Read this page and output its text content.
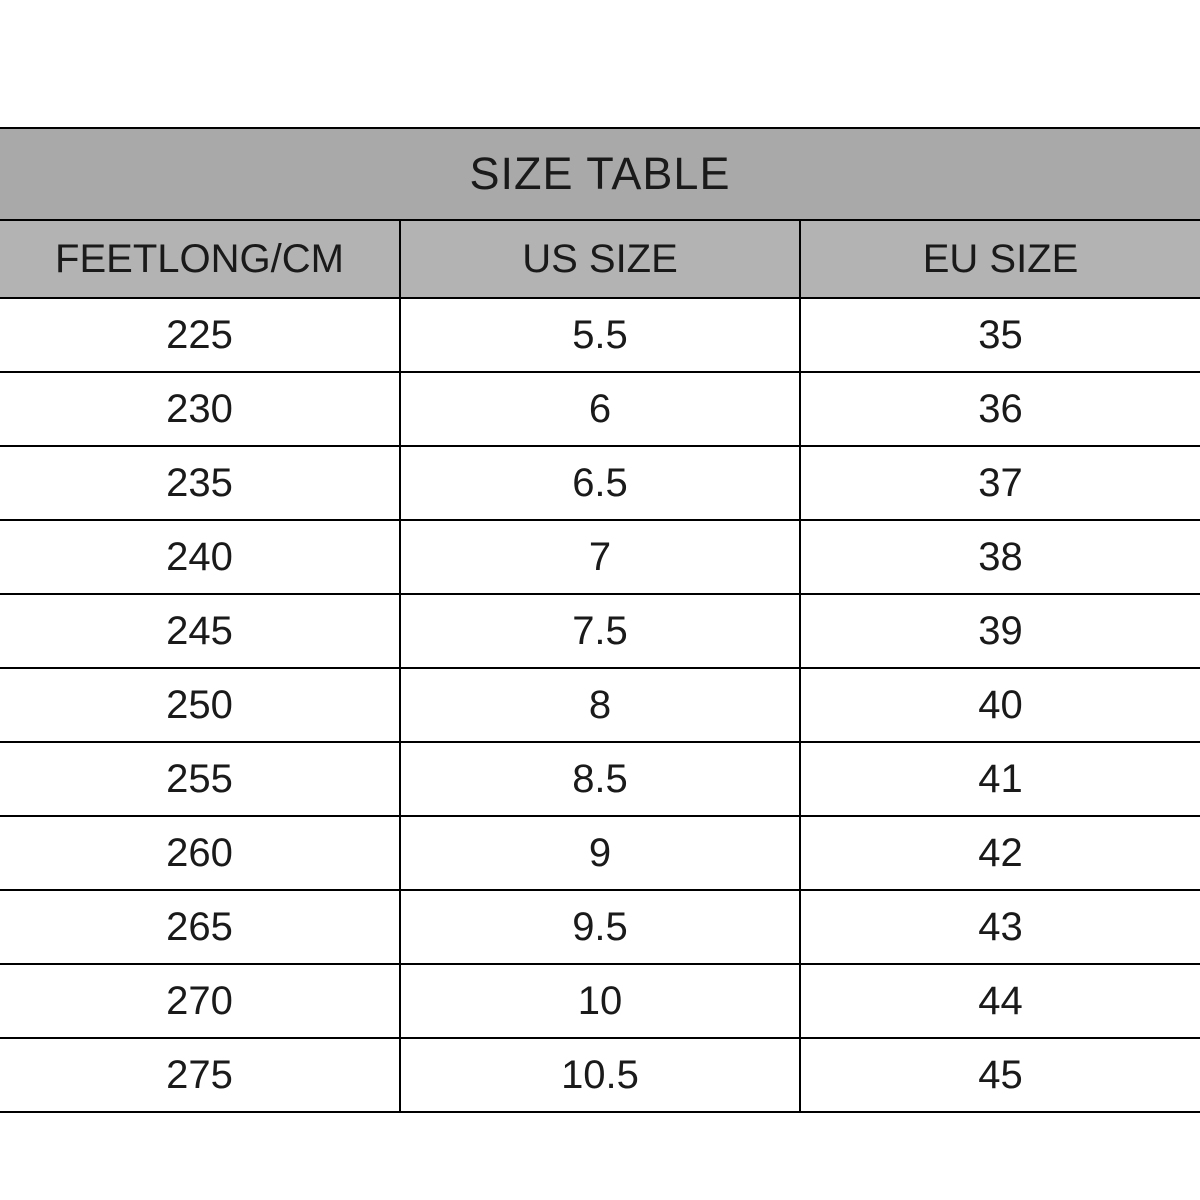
SIZE TABLE		
FEETLONG/CM	US SIZE	EU SIZE
225	5.5	35
230	6	36
235	6.5	37
240	7	38
245	7.5	39
250	8	40
255	8.5	41
260	9	42
265	9.5	43
270	10	44
275	10.5	45
